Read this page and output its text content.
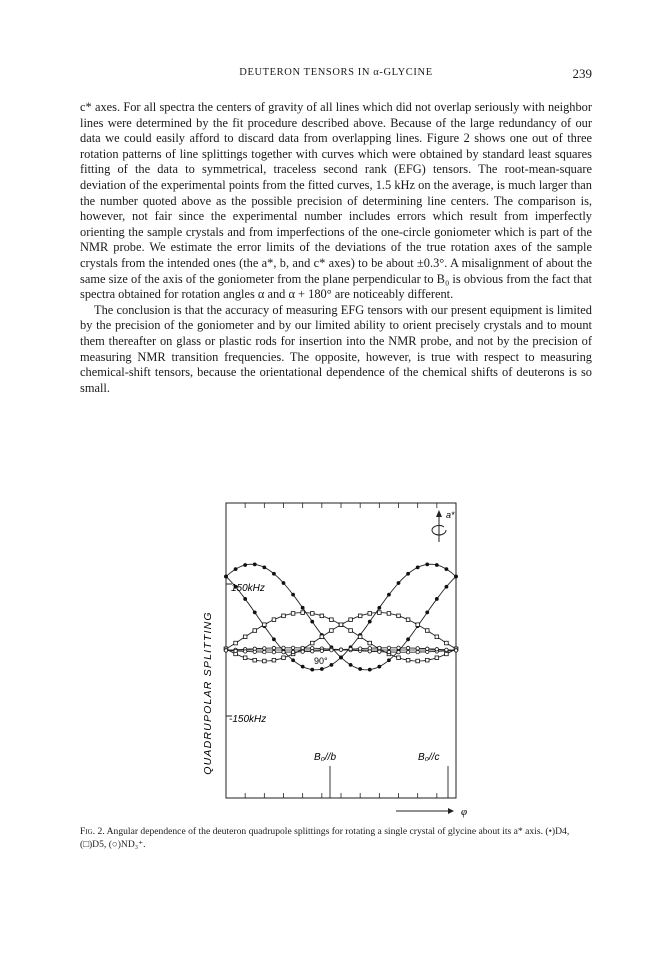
DEUTERON TENSORS IN α-GLYCINE	239

c* axes. For all spectra the centers of gravity of all lines which did not overlap seriously with neighbor lines were determined by the fit procedure described above. Because of the large redundancy of our data we could easily afford to discard data from overlapping lines. Figure 2 shows one out of three rotation patterns of line splittings together with curves which were obtained by standard least squares fitting of the data to symmetrical, traceless second rank (EFG) tensors. The root-mean-square deviation of the experimental points from the fitted curves, 1.5 kHz on the average, is much larger than the number quoted above as the possible precision of determining line centers. The comparison is, however, not fair since the experimental number includes errors which result from imperfectly orienting the sample crystals and from imperfections of the one-circle goniometer which is part of the NMR probe. We estimate the error limits of the deviations of the true rotation axes of the sample crystals from the intended ones (the a*, b, and c* axes) to be about ±0.3°. A misalignment of about the same size of the axis of the goniometer from the plane perpendicular to B₀ is obvious from the fact that spectra obtained for rotation angles α and α + 180° are noticeably different.

The conclusion is that the accuracy of measuring EFG tensors with our present equipment is limited by the precision of the goniometer and by our limited ability to orient precisely crystals and to mount them thereafter on glass or plastic rods for insertion into the NMR probe, and not by the precision of measuring NMR transition frequencies. The opposite, however, is true with respect to measuring chemical-shift tensors, because the orientational dependence of the chemical shifts of deuterons is so small.

QUADRUPOLAR SPLITTING
150kHz
-150kHz
90°
a*
B₀//b	B₀//c
φ
Fig. 2. Angular dependence of the deuteron quadrupole splittings for rotating a single crystal of glycine about its a* axis. (•)D4, (□)D5, (○)ND₃⁺.
